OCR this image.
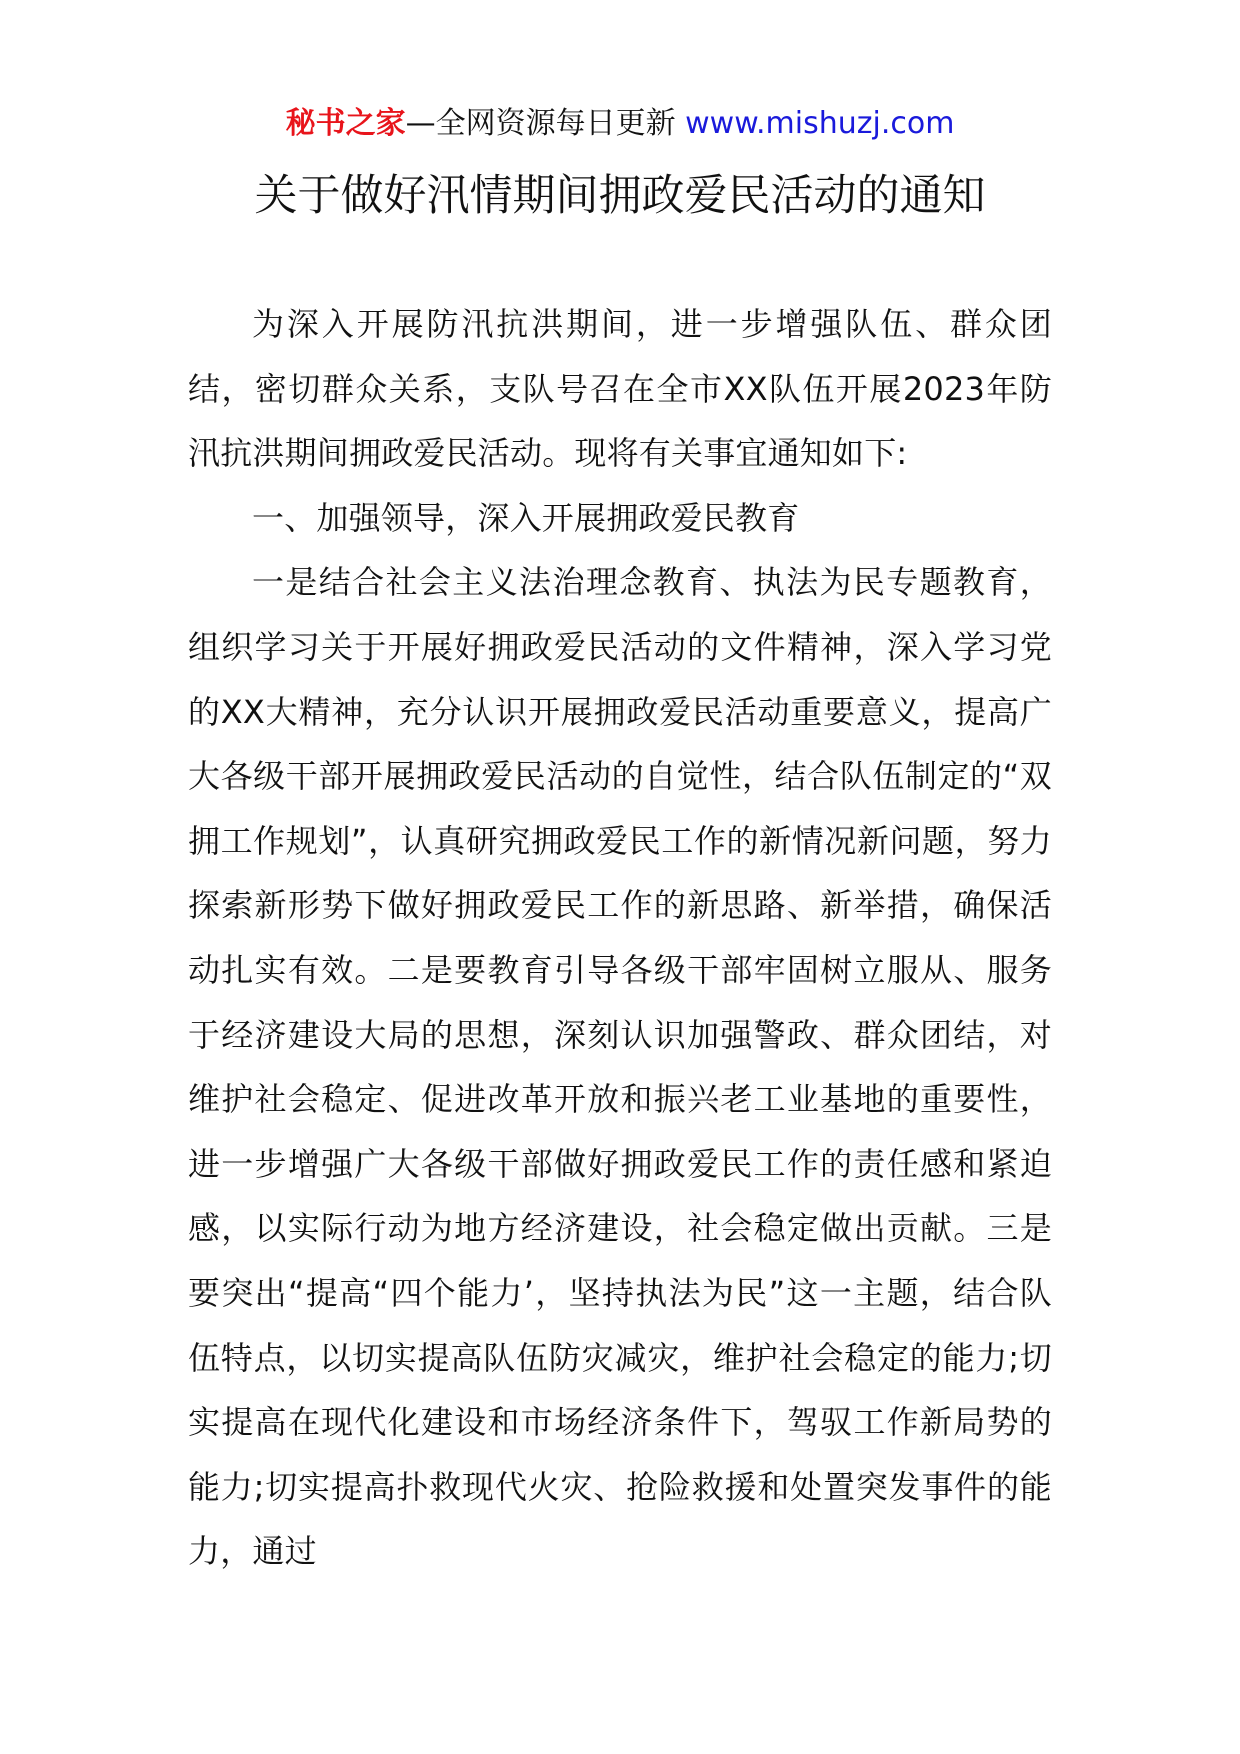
秘书之家—全网资源每日更新 www.mishuzj.com
关于做好汛情期间拥政爱民活动的通知

为深入开展防汛抗洪期间，进一步增强队伍、群众团结，密切群众关系，支队号召在全市XX队伍开展2023年防汛抗洪期间拥政爱民活动。现将有关事宜通知如下:

一、加强领导，深入开展拥政爱民教育

一是结合社会主义法治理念教育、执法为民专题教育，组织学习关于开展好拥政爱民活动的文件精神，深入学习党的XX大精神，充分认识开展拥政爱民活动重要意义，提高广大各级干部开展拥政爱民活动的自觉性，结合队伍制定的“双拥工作规划”，认真研究拥政爱民工作的新情况新问题，努力探索新形势下做好拥政爱民工作的新思路、新举措，确保活动扎实有效。二是要教育引导各级干部牢固树立服从、服务于经济建设大局的思想，深刻认识加强警政、群众团结，对维护社会稳定、促进改革开放和振兴老工业基地的重要性，进一步增强广大各级干部做好拥政爱民工作的责任感和紧迫感，以实际行动为地方经济建设，社会稳定做出贡献。三是要突出“提高“四个能力’，坚持执法为民”这一主题，结合队伍特点，以切实提高队伍防灾减灾，维护社会稳定的能力;切实提高在现代化建设和市场经济条件下，驾驭工作新局势的能力;切实提高扑救现代火灾、抢险救援和处置突发事件的能力，通过
